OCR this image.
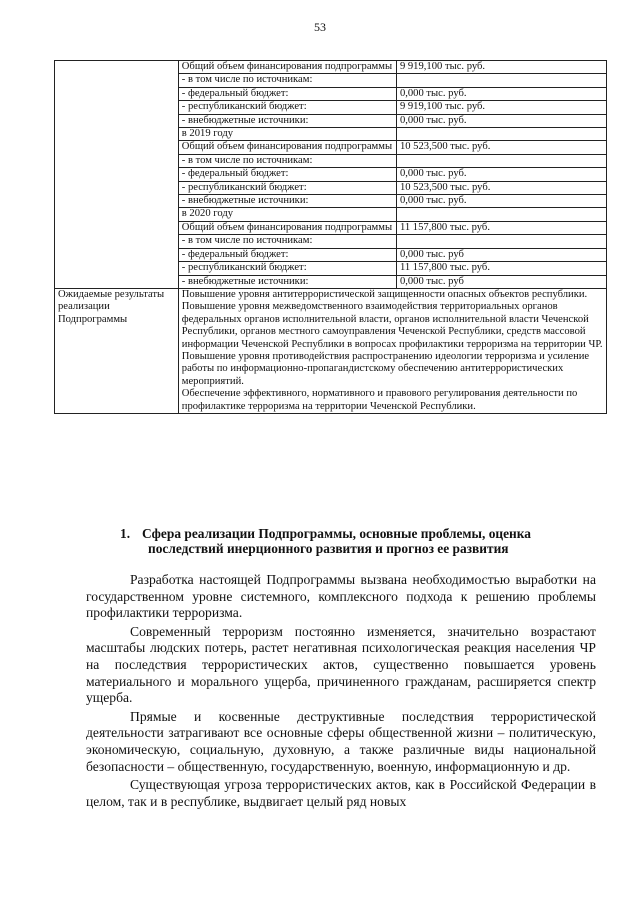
53
	Общий объем финансирования подпрограммы	9 919,100 тыс. руб.
	- в том числе по источникам:	
	- федеральный бюджет:	0,000 тыс. руб.
	- республиканский бюджет:	9 919,100 тыс. руб.
	- внебюджетные источники:	0,000 тыс. руб.
	в 2019 году	
	Общий объем финансирования подпрограммы	10 523,500 тыс. руб.
	- в том числе по источникам:	
	- федеральный бюджет:	0,000 тыс. руб.
	- республиканский бюджет:	10 523,500 тыс. руб.
	- внебюджетные источники:	0,000 тыс. руб.
	в 2020 году	
	Общий объем финансирования подпрограммы	11 157,800 тыс. руб.
	- в том числе по источникам:	
	- федеральный бюджет:	0,000 тыс. руб
	- республиканский бюджет:	11 157,800 тыс. руб.
	- внебюджетные источники:	0,000 тыс. руб
Ожидаемые результаты реализации Подпрограммы	Повышение уровня антитеррористической защищенности опасных объектов республики.
Повышение уровня межведомственного взаимодействия территориальных органов федеральных органов исполнительной власти, органов исполнительной власти Чеченской Республики, органов местного самоуправления Чеченской Республики, средств массовой информации Чеченской Республики в вопросах профилактики терроризма на территории ЧР.
Повышение уровня противодействия распространению идеологии терроризма и усиление работы по информационно-пропагандистскому обеспечению антитеррористических мероприятий.
Обеспечение эффективного, нормативного и правового регулирования деятельности по профилактике терроризма на территории Чеченской Республики.	
1. Сфера реализации Подпрограммы, основные проблемы, оценка
последствий инерционного развития и прогноз ее развития

Разработка настоящей Подпрограммы вызвана необходимостью выработки на государственном уровне системного, комплексного подхода к решению проблемы профилактики терроризма.

Современный терроризм постоянно изменяется, значительно возрастают масштабы людских потерь, растет негативная психологическая реакция населения ЧР на последствия террористических актов, существенно повышается уровень материального и морального ущерба, причиненного гражданам, расширяется спектр ущерба.

Прямые и косвенные деструктивные последствия террористической деятельности затрагивают все основные сферы общественной жизни – политическую, экономическую, социальную, духовную, а также различные виды национальной безопасности – общественную, государственную, военную, информационную и др.

Существующая угроза террористических актов, как в Российской Федерации в целом, так и в республике, выдвигает целый ряд новых
